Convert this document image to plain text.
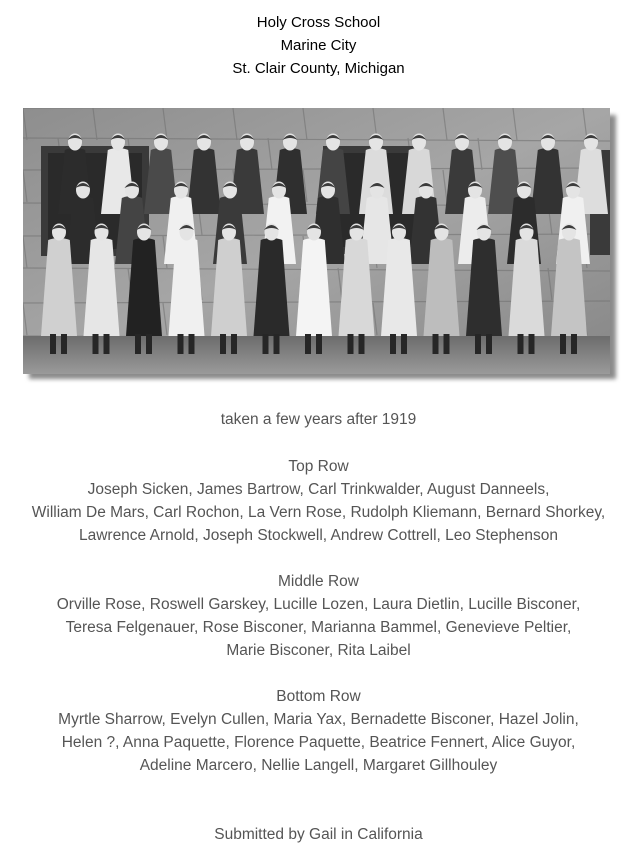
Holy Cross School
Marine City
St. Clair County, Michigan
taken a few years after 1919
Top Row
Joseph Sicken, James Bartrow, Carl Trinkwalder, August Danneels,
William De Mars, Carl Rochon, La Vern Rose, Rudolph Kliemann, Bernard Shorkey,
Lawrence Arnold, Joseph Stockwell, Andrew Cottrell, Leo Stephenson
Middle Row
Orville Rose, Roswell Garskey, Lucille Lozen, Laura Dietlin, Lucille Bisconer,
Teresa Felgenauer, Rose Bisconer, Marianna Bammel, Genevieve Peltier,
Marie Bisconer, Rita Laibel
Bottom Row
Myrtle Sharrow, Evelyn Cullen, Maria Yax, Bernadette Bisconer, Hazel Jolin,
Helen ?, Anna Paquette, Florence Paquette, Beatrice Fennert, Alice Guyor,
Adeline Marcero, Nellie Langell, Margaret Gillhouley
Submitted by Gail in California
